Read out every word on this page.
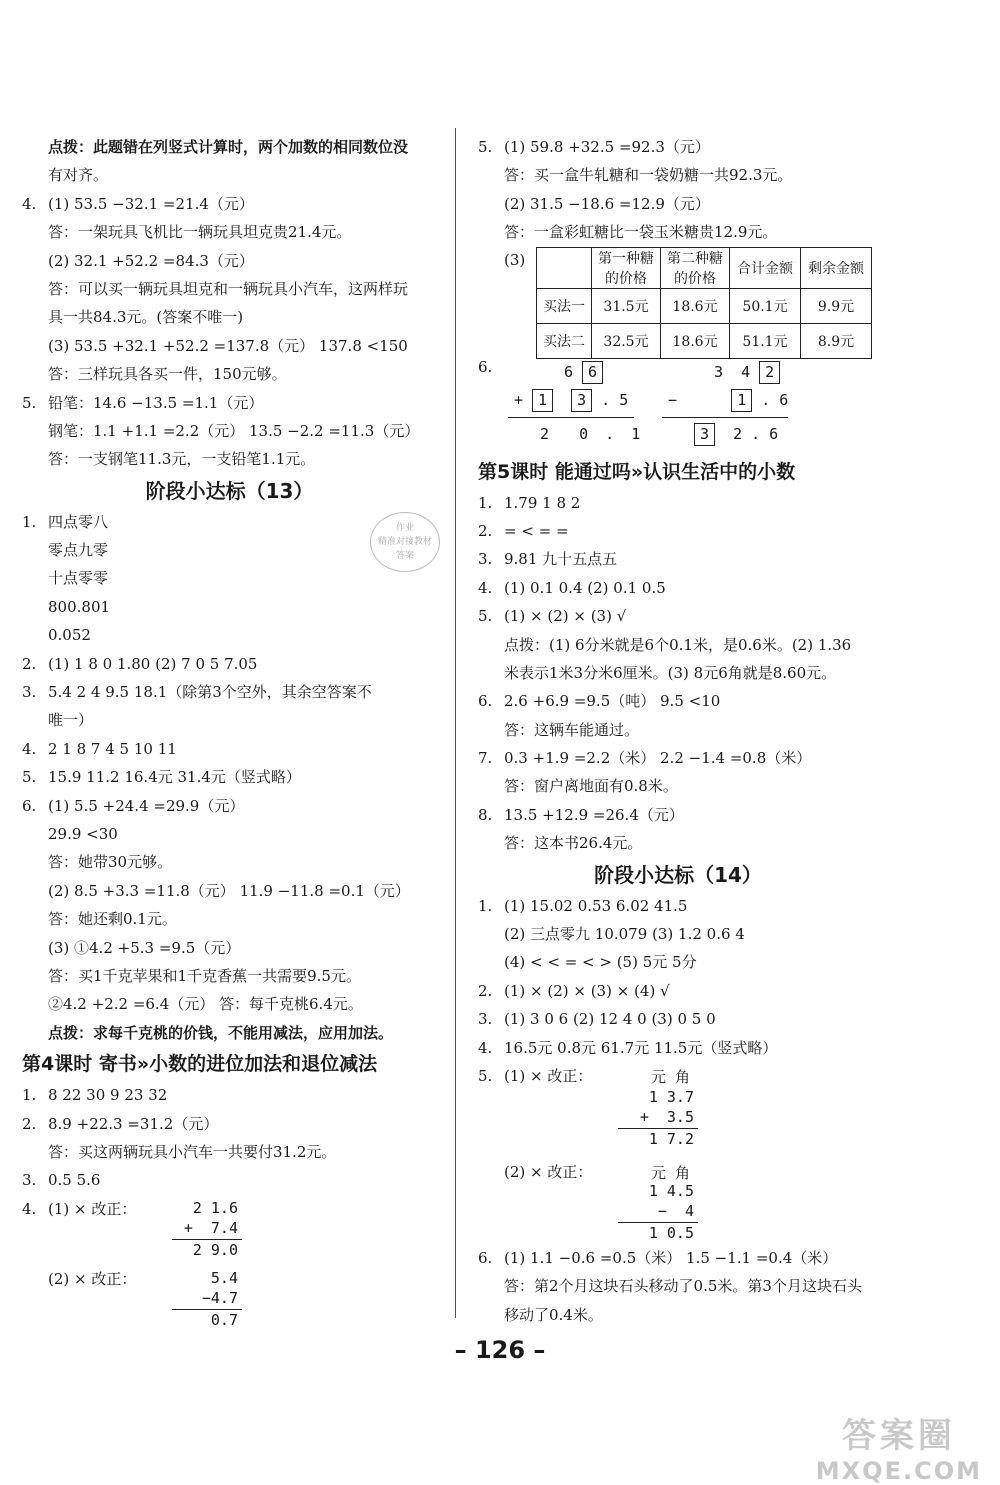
作业
精准对接教材
答案
点拨：此题错在列竖式计算时，两个加数的相同数位没
有对齐。
4. (1) 53.5 −32.1 =21.4（元）
答：一架玩具飞机比一辆玩具坦克贵21.4元。
(2) 32.1 +52.2 =84.3（元）
答：可以买一辆玩具坦克和一辆玩具小汽车，这两样玩
具一共84.3元。(答案不唯一)
(3) 53.5 +32.1 +52.2 =137.8（元） 137.8 <150
答：三样玩具各买一件，150元够。
5. 铅笔：14.6 −13.5 =1.1（元）
钢笔：1.1 +1.1 =2.2（元） 13.5 −2.2 =11.3（元）
答：一支钢笔11.3元，一支铅笔1.1元。
阶段小达标（13）
1. 四点零八
零点九零
十点零零
800.801
0.052
2. (1) 1 8 0 1.80 (2) 7 0 5 7.05
3. 5.4 2 4 9.5 18.1（除第3个空外，其余空答案不
唯一）
4. 2 1 8 7 4 5 10 11
5. 15.9 11.2 16.4元 31.4元（竖式略）
6. (1) 5.5 +24.4 =29.9（元）
29.9 <30
答：她带30元够。
(2) 8.5 +3.3 =11.8（元） 11.9 −11.8 =0.1（元）
答：她还剩0.1元。
(3) ①4.2 +5.3 =9.5（元）
答：买1千克苹果和1千克香蕉一共需要9.5元。
②4.2 +2.2 =6.4（元） 答：每千克桃6.4元。
点拨：求每千克桃的价钱，不能用减法，应用加法。
第4课时 寄书»小数的进位加法和退位减法
1. 8 22 30 9 23 32
2. 8.9 +22.3 =31.2（元）
答：买这两辆玩具小汽车一共要付31.2元。
3. 0.5 5.6
4. (1) × 改正：	2 1.6
+  7.4
2 9.0
(2) × 改正：	5.4
−4.7
0.7
5. (1) 59.8 +32.5 =92.3（元）
答：买一盒牛轧糖和一袋奶糖一共92.3元。
(2) 31.5 −18.6 =12.9（元）
答：一盒彩虹糖比一袋玉米糖贵12.9元。
(3)
		第一种糖的价格	第二种糖的价格	合计金额	剩余金额
买法一	31.5元	18.6元	50.1元	9.9元
买法二	32.5元	18.6元	51.1元	8.9元
6.	6 6
+ 1 3 . 5
2  0 . 1
3 4 2
−	1 . 6
3 2 . 6
第5课时 能通过吗»认识生活中的小数
1. 1.79 1 8 2
2. = < = =
3. 9.81 九十五点五
4. (1) 0.1 0.4 (2) 0.1 0.5
5. (1) × (2) × (3) √
点拨：(1) 6分米就是6个0.1米，是0.6米。(2) 1.36
米表示1米3分米6厘米。(3) 8元6角就是8.60元。
6. 2.6 +6.9 =9.5（吨） 9.5 <10
答：这辆车能通过。
7. 0.3 +1.9 =2.2（米） 2.2 −1.4 =0.8（米）
答：窗户离地面有0.8米。
8. 13.5 +12.9 =26.4（元）
答：这本书26.4元。
阶段小达标（14）
1. (1) 15.02 0.53 6.02 41.5
(2) 三点零九 10.079 (3) 1.2 0.6 4
(4) < < = < > (5) 5元 5分
2. (1) × (2) × (3) × (4) √
3. (1) 3 0 6 (2) 12 4 0 (3) 0 5 0
4. 16.5元 0.8元 61.7元 11.5元（竖式略）
5. (1) × 改正：	元 角
1 3.7
+  3.5
1 7.2
(2) × 改正：	元 角
1 4.5
−  4
1 0.5
6. (1) 1.1 −0.6 =0.5（米） 1.5 −1.1 =0.4（米）
答：第2个月这块石头移动了0.5米。第3个月这块石头
移动了0.4米。
– 126 –
答案圈
MXQE.COM
